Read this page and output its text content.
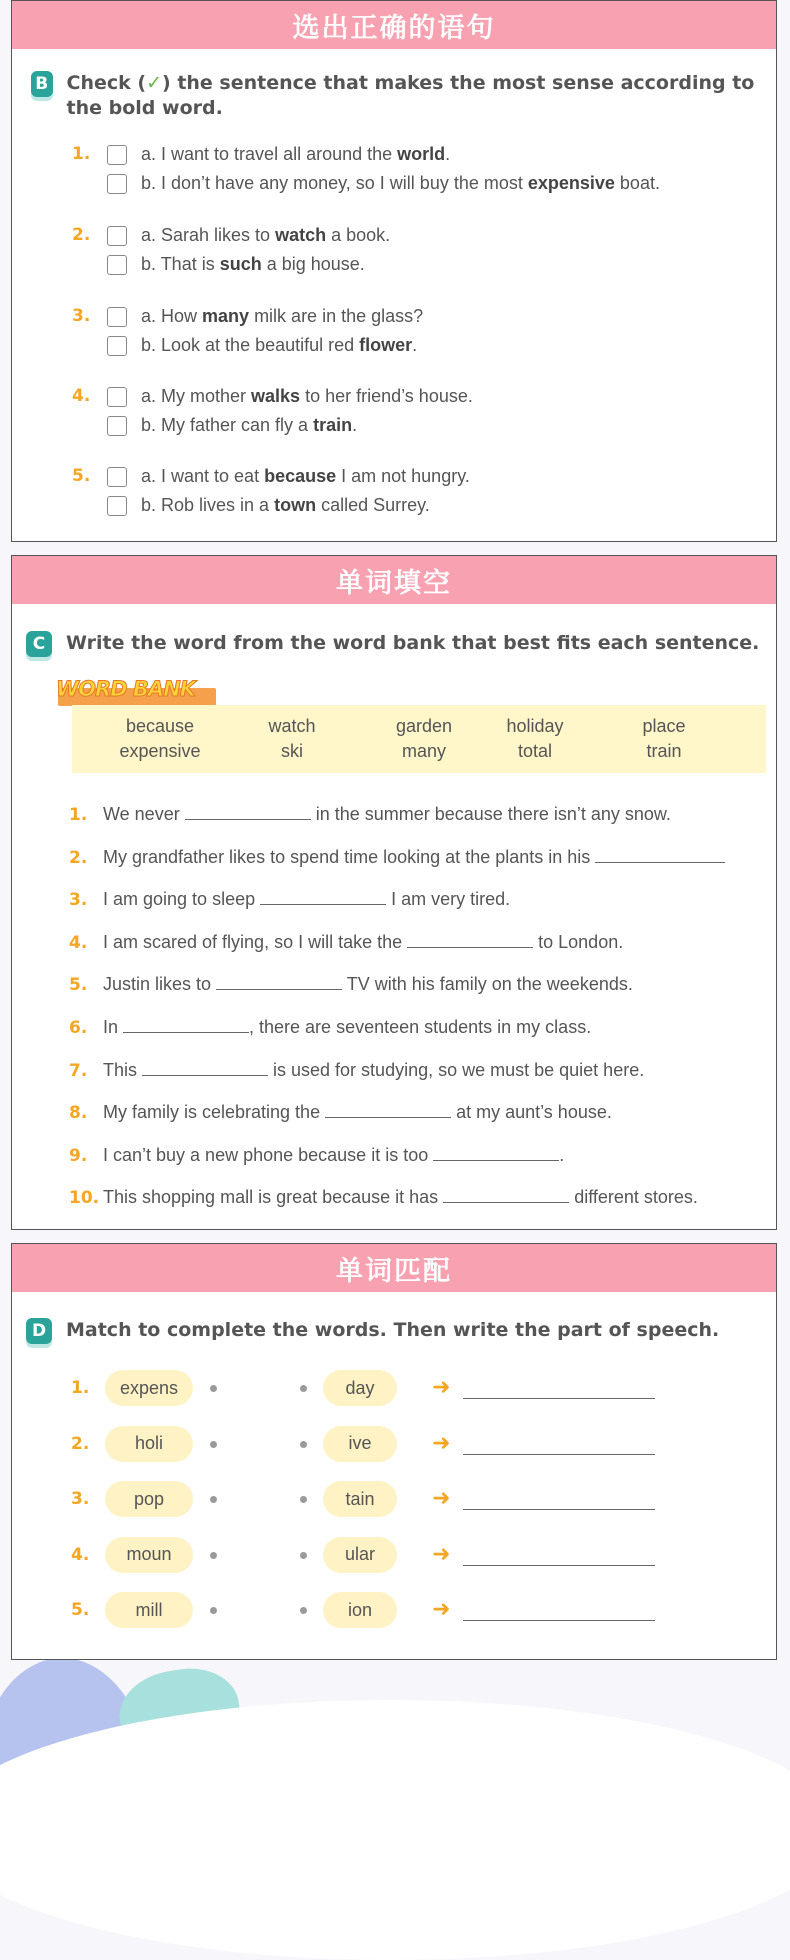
选出正确的语句
B Check (✓) the sentence that makes the most sense according to the bold word.
1.	a. I want to travel all around the world.
b. I don’t have any money, so I will buy the most expensive boat.
2.	a. Sarah likes to watch a book.
b. That is such a big house.
3.	a. How many milk are in the glass?
b. Look at the beautiful red flower.
4.	a. My mother walks to her friend’s house.
b. My father can fly a train.
5.	a. I want to eat because I am not hungry.
b. Rob lives in a town called Surrey.
单词填空
C	Write the word from the word bank that best fits each sentence.
WORD BANK
because	watch	garden	holiday	place
expensive	ski	many	total	train
1. We never	in the summer because there isn’t any snow.
2. My grandfather likes to spend time looking at the plants in his
3. I am going to sleep	I am very tired.
4. I am scared of flying, so I will take the	to London.
5. Justin likes to	TV with his family on the weekends.
6. In	, there are seventeen students in my class.
7. This	is used for studying, so we must be quiet here.
8. My family is celebrating the	at my aunt’s house.
9. I can’t buy a new phone because it is too	.
10. This shopping mall is great because it has	different stores.
单词匹配
D	Match to complete the words. Then write the part of speech.
1.	expens	day	➜
2.	holi	ive	➜
3.	pop	tain	➜
4.	moun	ular	➜
5.	mill	ion	➜
